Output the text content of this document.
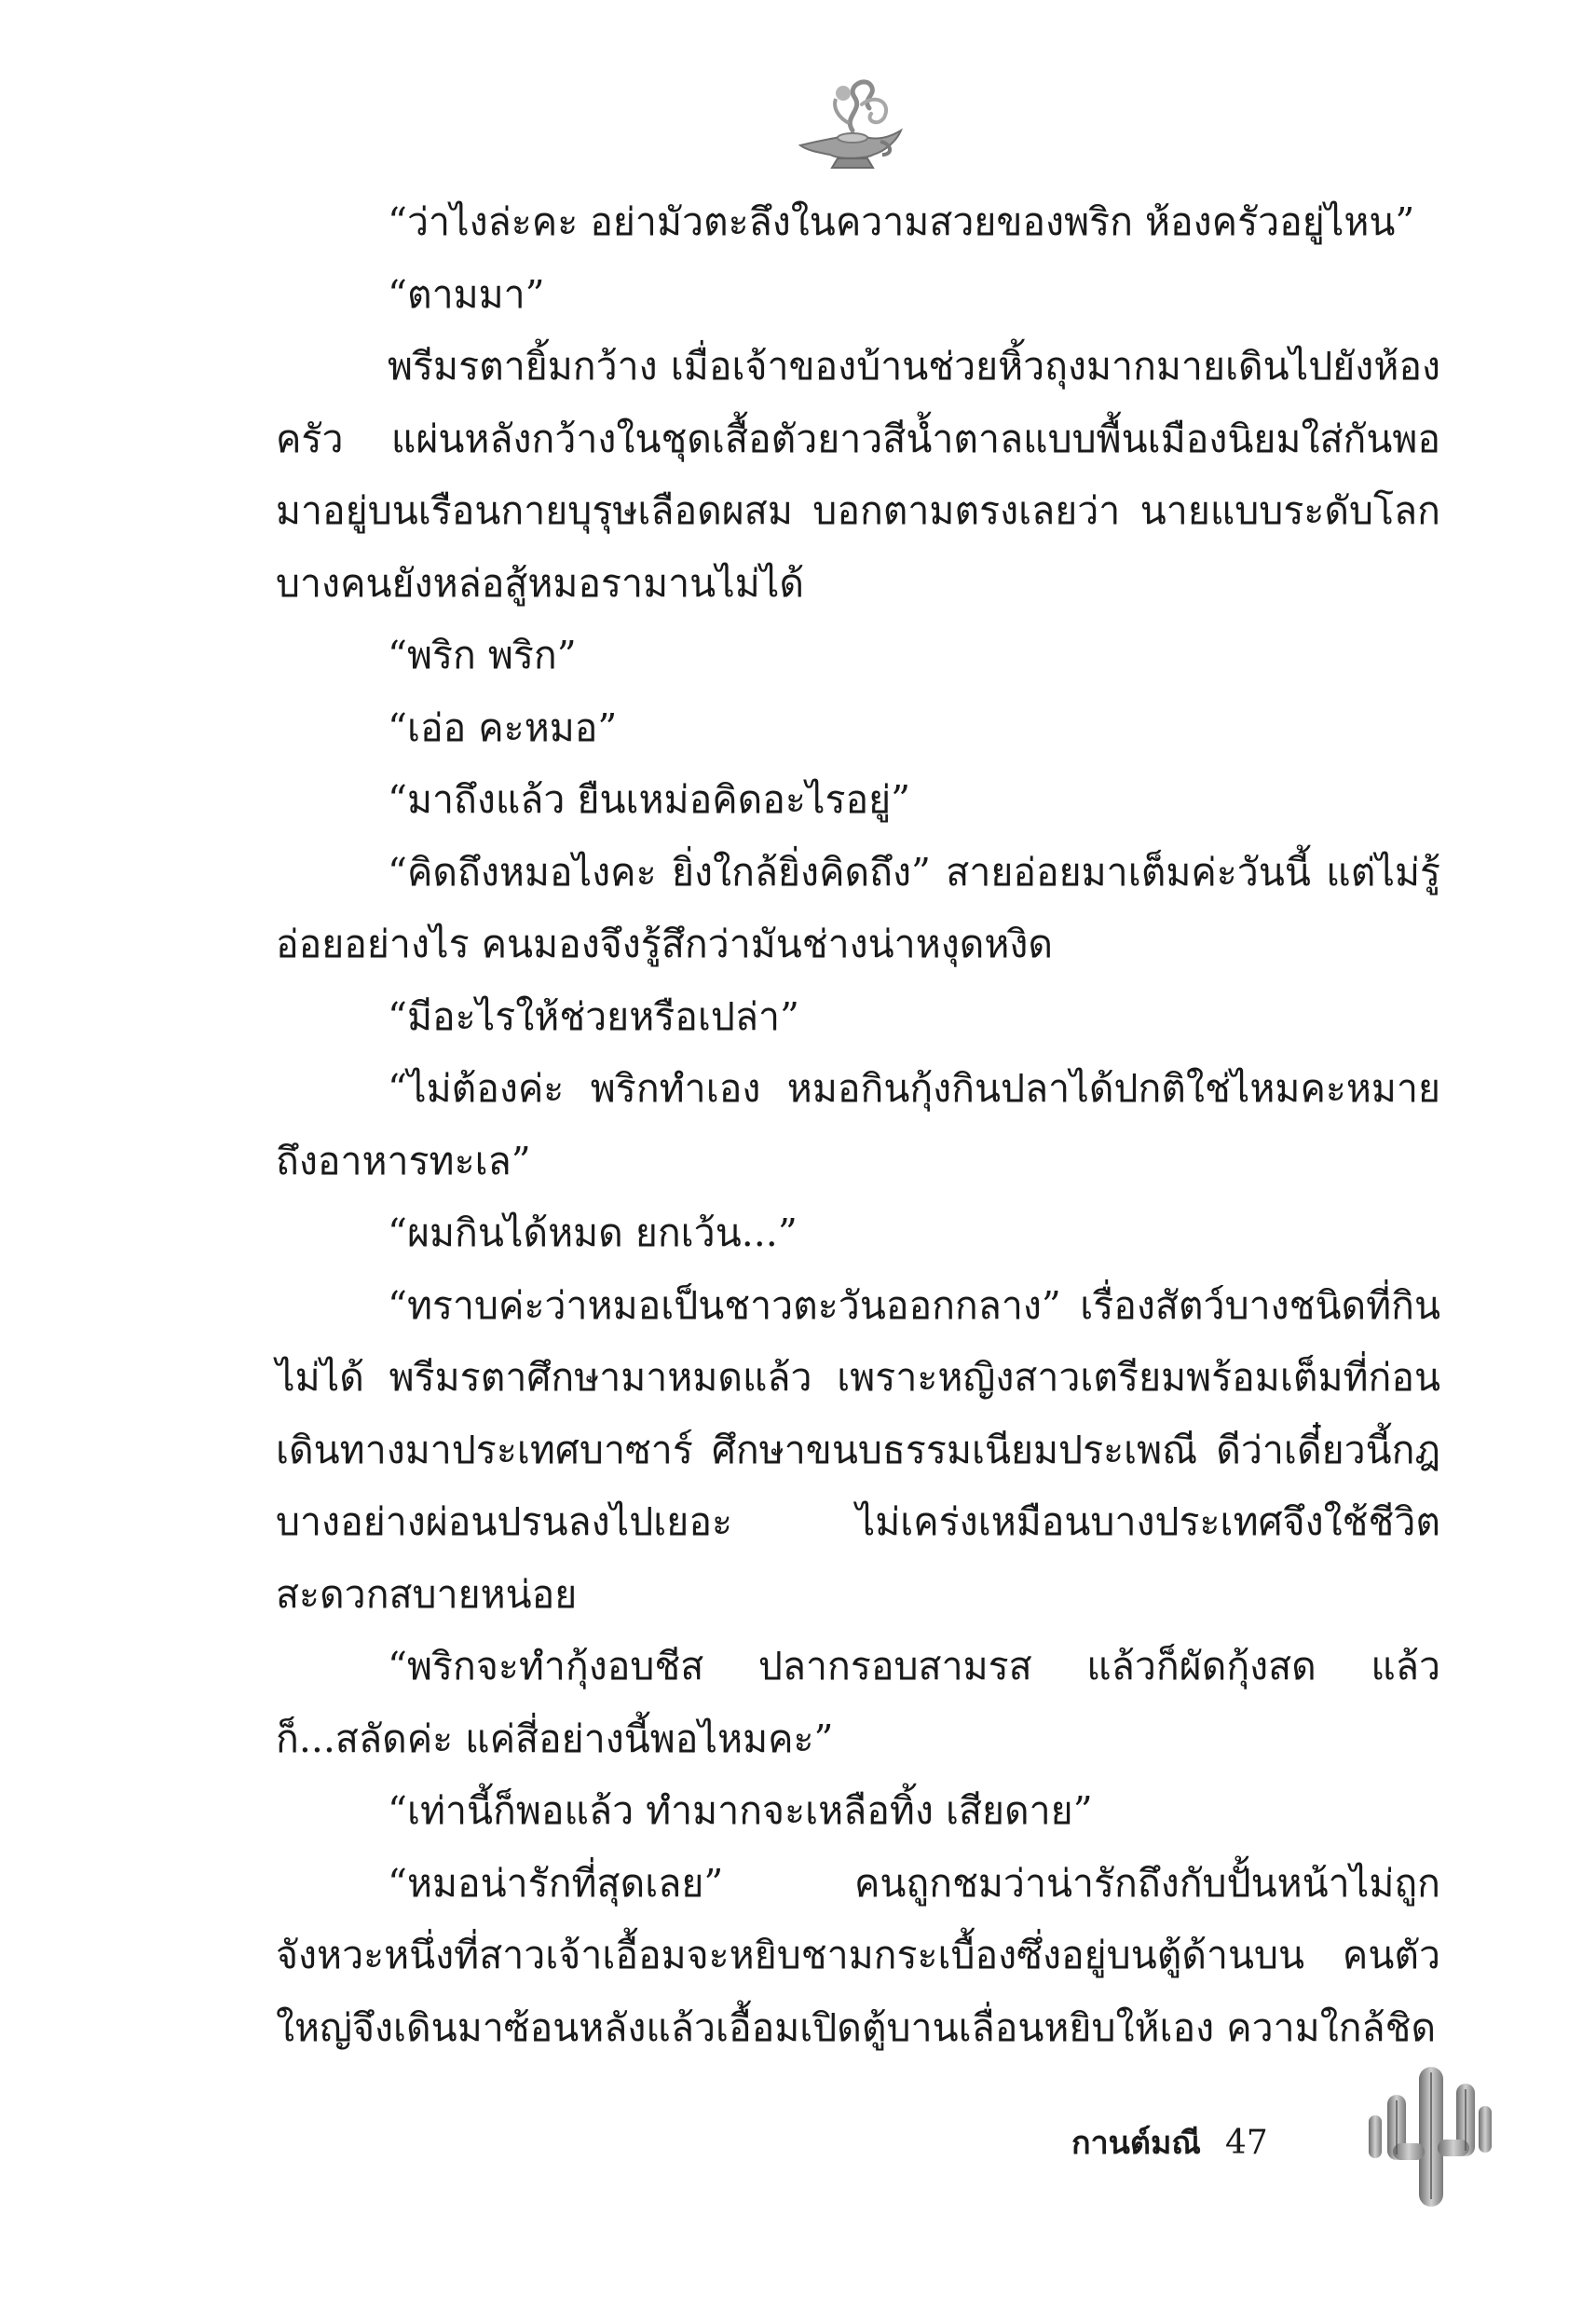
“ว่าไงล่ะคะ อย่ามัวตะลึงในความสวยของพริก ห้องครัวอยู่ไหน”

“ตามมา”

พรีมรตายิ้มกว้าง เมื่อเจ้าของบ้านช่วยหิ้วถุงมากมายเดินไปยังห้องครัว แผ่นหลังกว้างในชุดเสื้อตัวยาวสีน้ำตาลแบบพื้นเมืองนิยมใส่กันพอมาอยู่บนเรือนกายบุรุษเลือดผสม บอกตามตรงเลยว่า นายแบบระดับโลกบางคนยังหล่อสู้หมอรามานไม่ได้

“พริก พริก”

“เอ่อ คะหมอ”

“มาถึงแล้ว ยืนเหม่อคิดอะไรอยู่”

“คิดถึงหมอไงคะ ยิ่งใกล้ยิ่งคิดถึง” สายอ่อยมาเต็มค่ะวันนี้ แต่ไม่รู้อ่อยอย่างไร คนมองจึงรู้สึกว่ามันช่างน่าหงุดหงิด

“มีอะไรให้ช่วยหรือเปล่า”

“ไม่ต้องค่ะ พริกทำเอง หมอกินกุ้งกินปลาได้ปกติใช่ไหมคะหมายถึงอาหารทะเล”

“ผมกินได้หมด ยกเว้น...”

“ทราบค่ะว่าหมอเป็นชาวตะวันออกกลาง” เรื่องสัตว์บางชนิดที่กินไม่ได้ พรีมรตาศึกษามาหมดแล้ว เพราะหญิงสาวเตรียมพร้อมเต็มที่ก่อนเดินทางมาประเทศบาซาร์ ศึกษาขนบธรรมเนียมประเพณี ดีว่าเดี๋ยวนี้กฎบางอย่างผ่อนปรนลงไปเยอะ ไม่เคร่งเหมือนบางประเทศจึงใช้ชีวิตสะดวกสบายหน่อย

“พริกจะทำกุ้งอบชีส ปลากรอบสามรส แล้วก็ผัดกุ้งสด แล้วก็...สลัดค่ะ แค่สี่อย่างนี้พอไหมคะ”

“เท่านี้ก็พอแล้ว ทำมากจะเหลือทิ้ง เสียดาย”

“หมอน่ารักที่สุดเลย” คนถูกชมว่าน่ารักถึงกับปั้นหน้าไม่ถูก จังหวะหนึ่งที่สาวเจ้าเอื้อมจะหยิบชามกระเบื้องซึ่งอยู่บนตู้ด้านบน คนตัวใหญ่จึงเดินมาซ้อนหลังแล้วเอื้อมเปิดตู้บานเลื่อนหยิบให้เอง ความใกล้ชิด

กานต์มณี 47
